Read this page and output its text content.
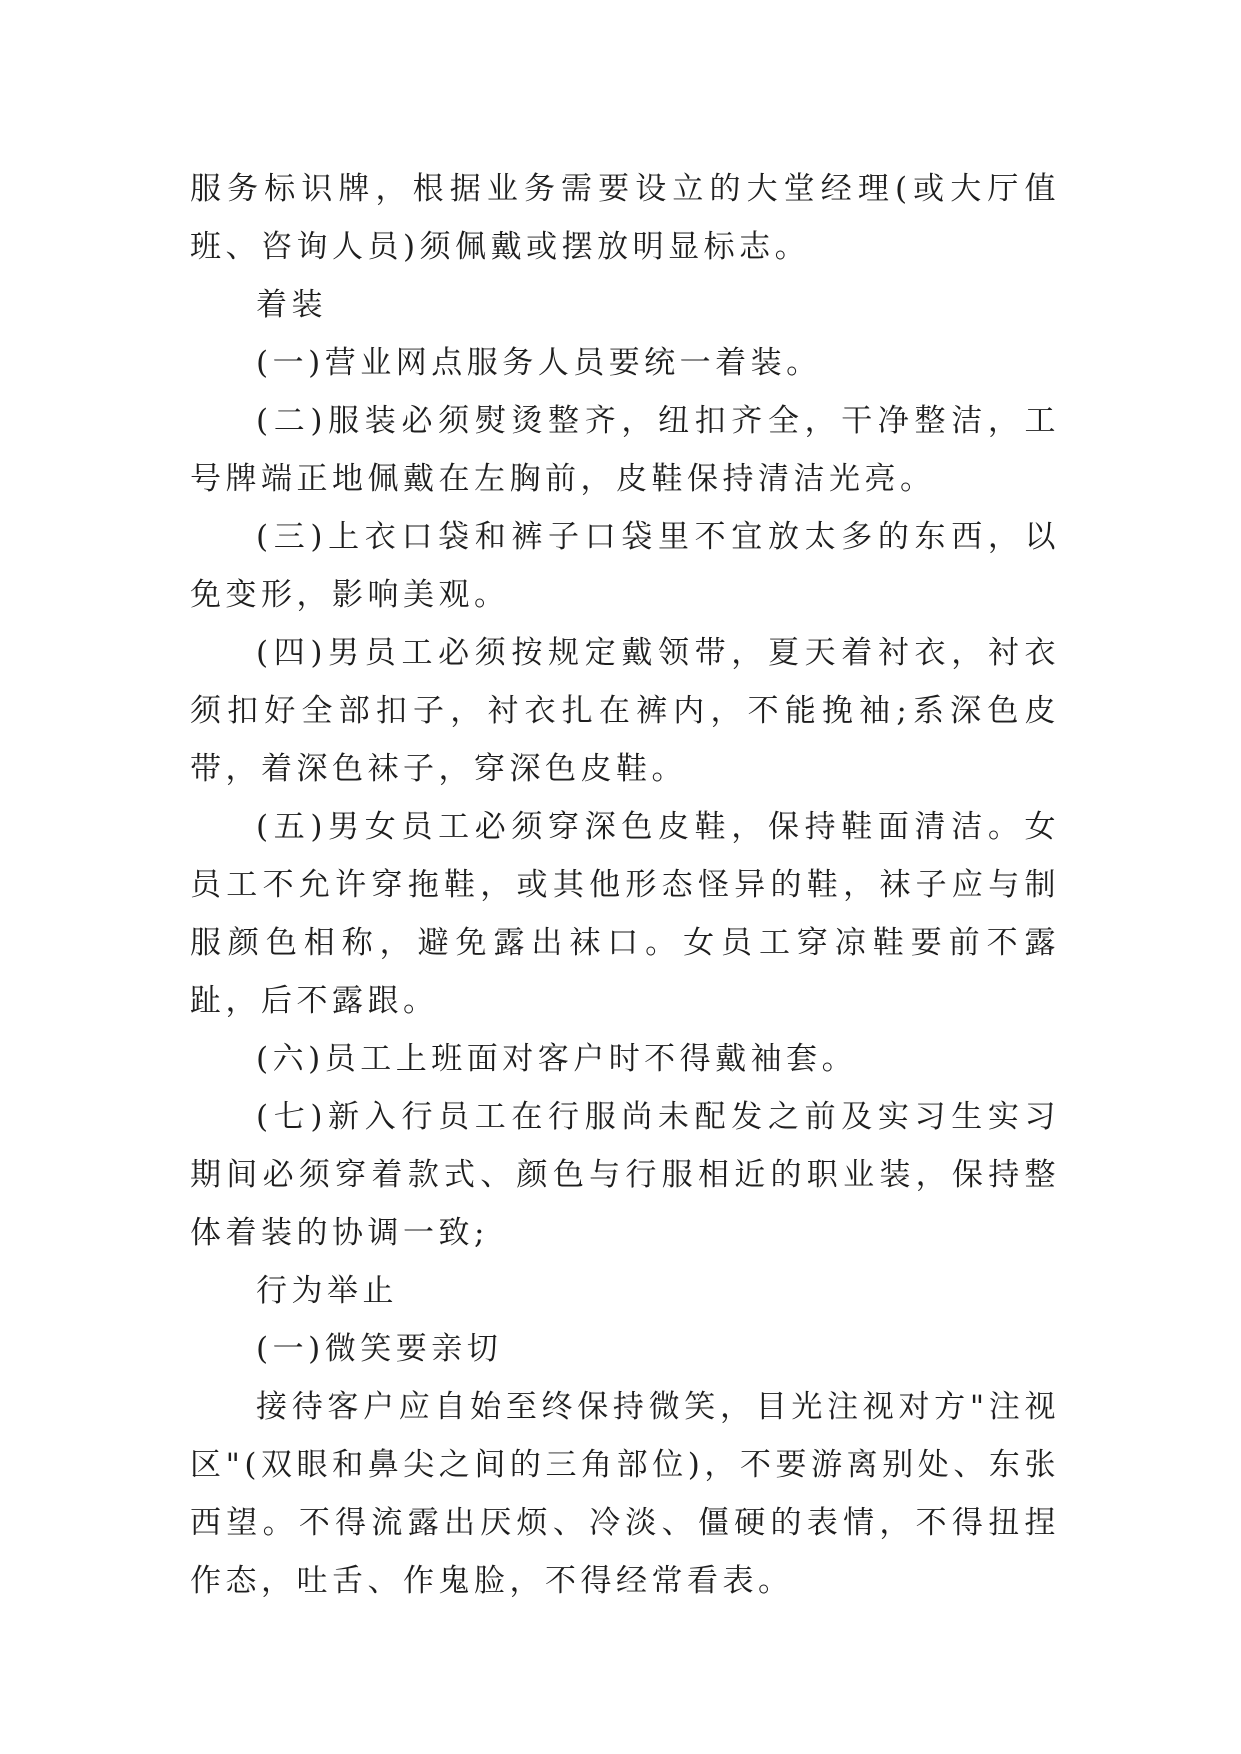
服务标识牌，根据业务需要设立的大堂经理(或大厅值班、咨询人员)须佩戴或摆放明显标志。

着装

(一)营业网点服务人员要统一着装。

(二)服装必须熨烫整齐，纽扣齐全，干净整洁，工号牌端正地佩戴在左胸前，皮鞋保持清洁光亮。

(三)上衣口袋和裤子口袋里不宜放太多的东西，以免变形，影响美观。

(四)男员工必须按规定戴领带，夏天着衬衣，衬衣须扣好全部扣子，衬衣扎在裤内，不能挽袖;系深色皮带，着深色袜子，穿深色皮鞋。

(五)男女员工必须穿深色皮鞋，保持鞋面清洁。女员工不允许穿拖鞋，或其他形态怪异的鞋，袜子应与制服颜色相称，避免露出袜口。女员工穿凉鞋要前不露趾，后不露跟。

(六)员工上班面对客户时不得戴袖套。

(七)新入行员工在行服尚未配发之前及实习生实习期间必须穿着款式、颜色与行服相近的职业装，保持整体着装的协调一致;

行为举止

(一)微笑要亲切

接待客户应自始至终保持微笑，目光注视对方"注视区"(双眼和鼻尖之间的三角部位)，不要游离别处、东张西望。不得流露出厌烦、冷淡、僵硬的表情，不得扭捏作态，吐舌、作鬼脸，不得经常看表。
